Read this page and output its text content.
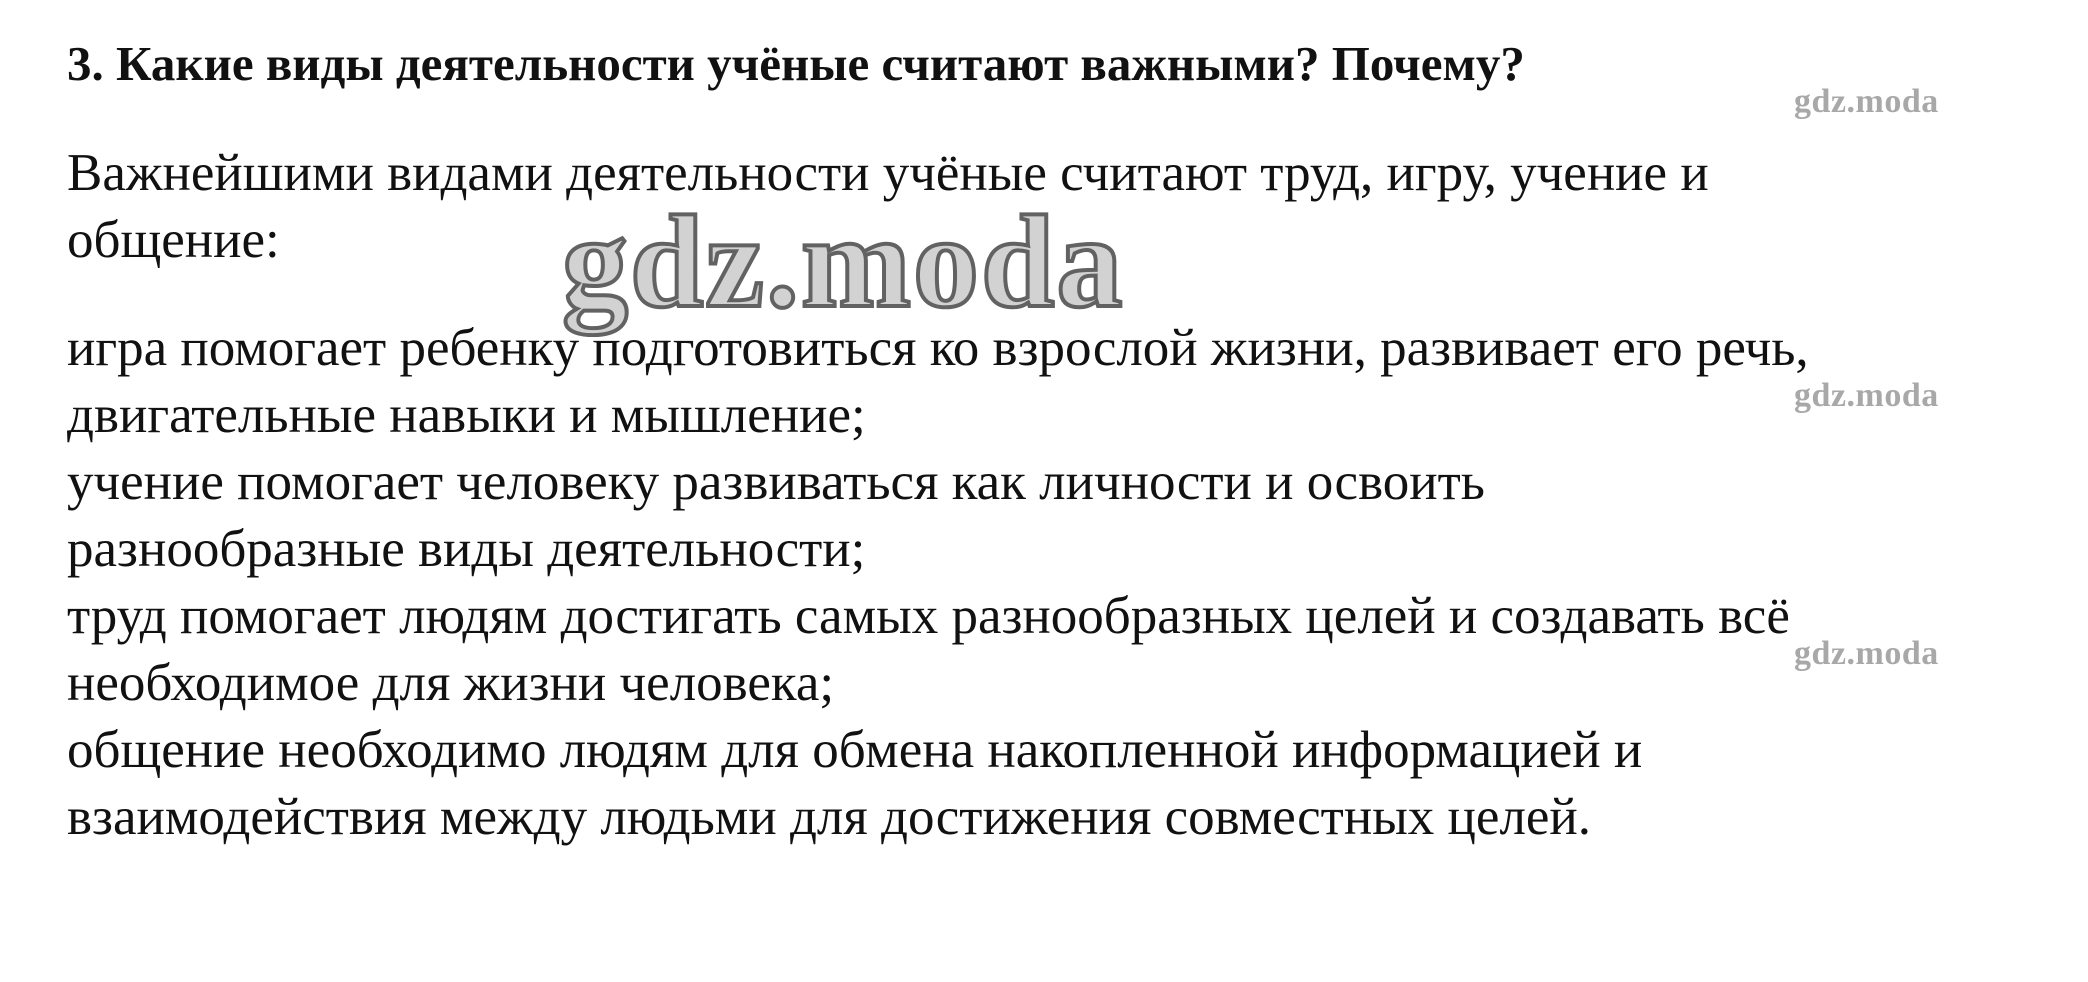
3. Какие виды деятельности учёные считают важными? Почему?

Важнейшими видами деятельности учёные считают труд, игру, учение и
общение:

игра помогает ребенку подготовиться ко взрослой жизни, развивает его речь,
двигательные навыки и мышление;

учение помогает человеку развиваться как личности и освоить
разнообразные виды деятельности;

труд помогает людям достигать самых разнообразных целей и создавать всё
необходимое для жизни человека;

общение необходимо людям для обмена накопленной информацией и
взаимодействия между людьми для достижения совместных целей.

gdz.moda
gdz.moda
gdz.moda
gdz.moda
